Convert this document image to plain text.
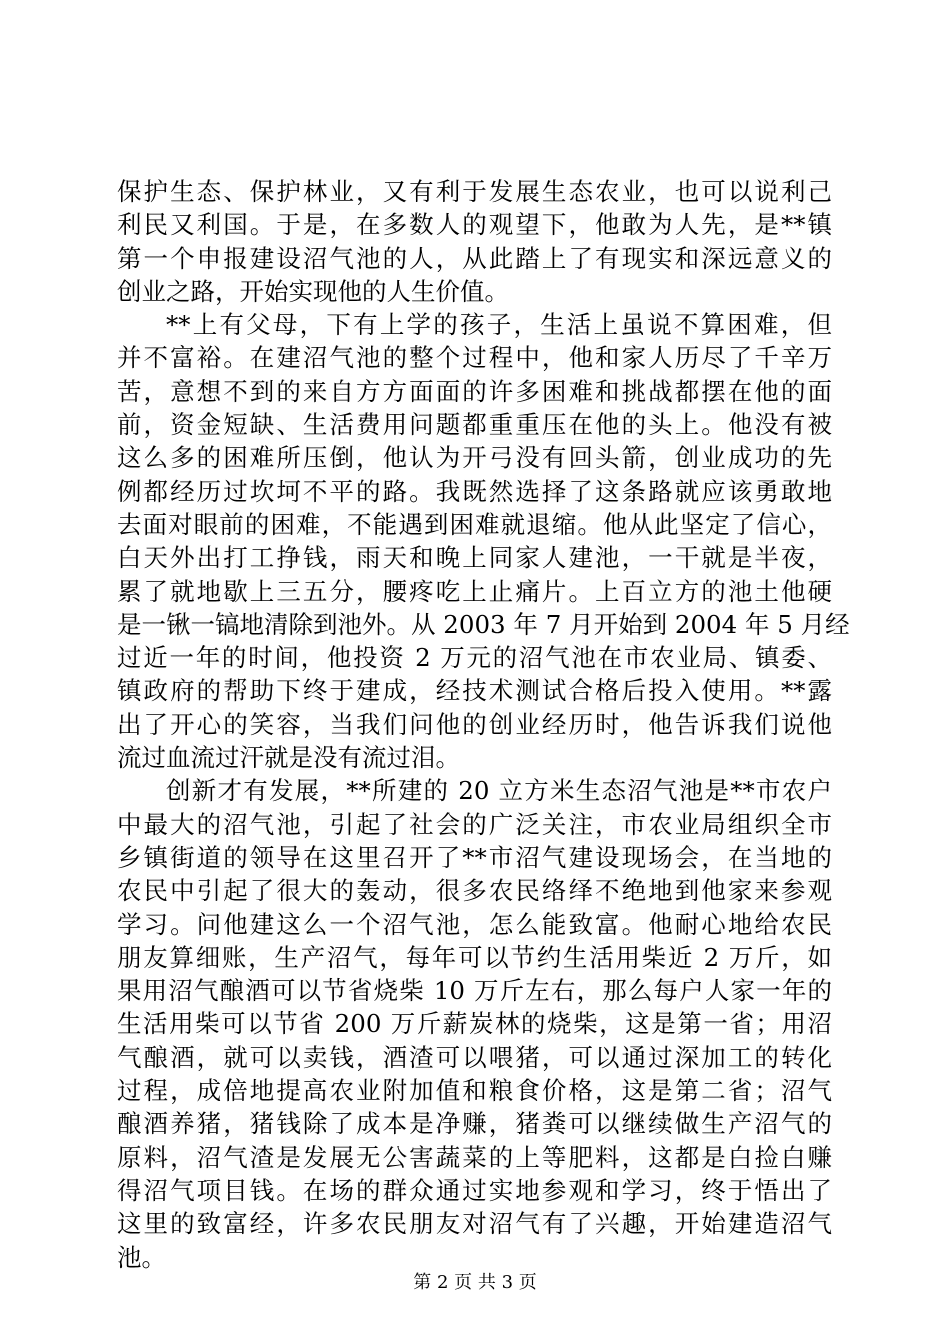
保护生态、保护林业，又有利于发展生态农业，也可以说利己
利民又利国。于是，在多数人的观望下，他敢为人先，是**镇
第一个申报建设沼气池的人，从此踏上了有现实和深远意义的
创业之路，开始实现他的人生价值。
**上有父母，下有上学的孩子，生活上虽说不算困难，但
并不富裕。在建沼气池的整个过程中，他和家人历尽了千辛万
苦，意想不到的来自方方面面的许多困难和挑战都摆在他的面
前，资金短缺、生活费用问题都重重压在他的头上。他没有被
这么多的困难所压倒，他认为开弓没有回头箭，创业成功的先
例都经历过坎坷不平的路。我既然选择了这条路就应该勇敢地
去面对眼前的困难，不能遇到困难就退缩。他从此坚定了信心，
白天外出打工挣钱，雨天和晚上同家人建池，一干就是半夜，
累了就地歇上三五分，腰疼吃上止痛片。上百立方的池土他硬
是一锹一镐地清除到池外。从 2003 年 7 月开始到 2004 年 5 月经
过近一年的时间，他投资 2 万元的沼气池在市农业局、镇委、
镇政府的帮助下终于建成，经技术测试合格后投入使用。**露
出了开心的笑容，当我们问他的创业经历时，他告诉我们说他
流过血流过汗就是没有流过泪。
创新才有发展，**所建的 20 立方米生态沼气池是**市农户
中最大的沼气池，引起了社会的广泛关注，市农业局组织全市
乡镇街道的领导在这里召开了**市沼气建设现场会，在当地的
农民中引起了很大的轰动，很多农民络绎不绝地到他家来参观
学习。问他建这么一个沼气池，怎么能致富。他耐心地给农民
朋友算细账，生产沼气，每年可以节约生活用柴近 2 万斤，如
果用沼气酿酒可以节省烧柴 10 万斤左右，那么每户人家一年的
生活用柴可以节省 200 万斤薪炭林的烧柴，这是第一省；用沼
气酿酒，就可以卖钱，酒渣可以喂猪，可以通过深加工的转化
过程，成倍地提高农业附加值和粮食价格，这是第二省；沼气
酿酒养猪，猪钱除了成本是净赚，猪粪可以继续做生产沼气的
原料，沼气渣是发展无公害蔬菜的上等肥料，这都是白捡白赚
得沼气项目钱。在场的群众通过实地参观和学习，终于悟出了
这里的致富经，许多农民朋友对沼气有了兴趣，开始建造沼气
池。
第 2 页 共 3 页
